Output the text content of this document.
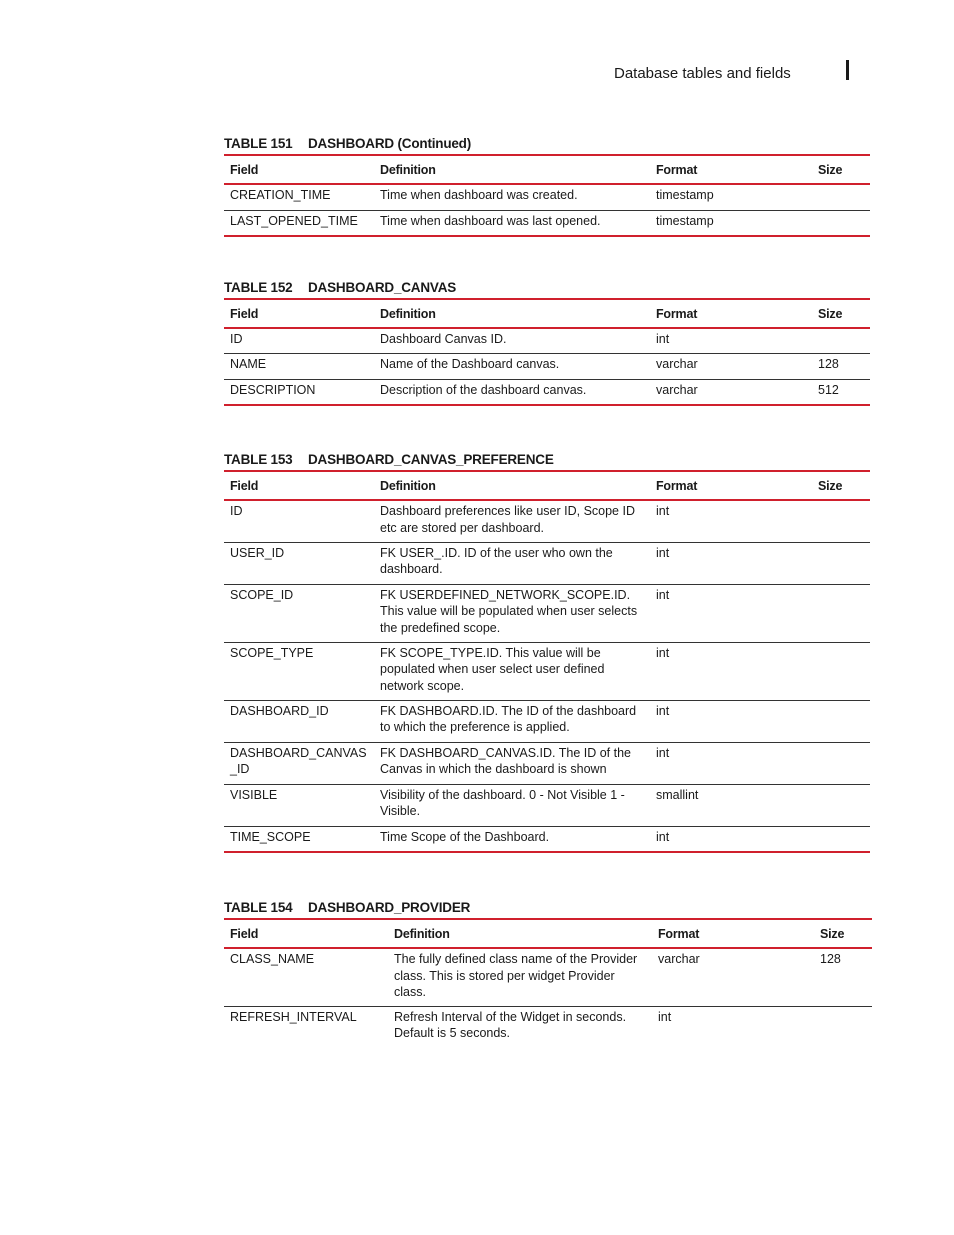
Database tables and fields
TABLE 151	DASHBOARD (Continued)
Field	Definition	Format	Size
CREATION_TIME	Time when dashboard was created.	timestamp	
LAST_OPENED_TIME	Time when dashboard was last opened.	timestamp	
TABLE 152	DASHBOARD_CANVAS
Field	Definition	Format	Size
ID	Dashboard Canvas ID.	int	
NAME	Name of the Dashboard canvas.	varchar	128
DESCRIPTION	Description of the dashboard canvas.	varchar	512
TABLE 153	DASHBOARD_CANVAS_PREFERENCE
Field	Definition	Format	Size
ID	Dashboard preferences like user ID, Scope ID etc are stored per dashboard.	int	
USER_ID	FK USER_.ID. ID of the user who own the dashboard.	int	
SCOPE_ID	FK USERDEFINED_NETWORK_SCOPE.ID. This value will be populated when user selects the predefined scope.	int	
SCOPE_TYPE	FK SCOPE_TYPE.ID. This value will be populated when user select user defined network scope.	int	
DASHBOARD_ID	FK DASHBOARD.ID. The ID of the dashboard to which the preference is applied.	int	
DASHBOARD_CANVAS_ID	FK DASHBOARD_CANVAS.ID. The ID of the Canvas in which the dashboard is shown	int	
VISIBLE	Visibility of the dashboard. 0 - Not Visible 1 - Visible.	smallint	
TIME_SCOPE	Time Scope of the Dashboard.	int	
TABLE 154	DASHBOARD_PROVIDER
Field	Definition	Format	Size
CLASS_NAME	The fully defined class name of the Provider class. This is stored per widget Provider class.	varchar	128
REFRESH_INTERVAL	Refresh Interval of the Widget in seconds. Default is 5 seconds.	int	
